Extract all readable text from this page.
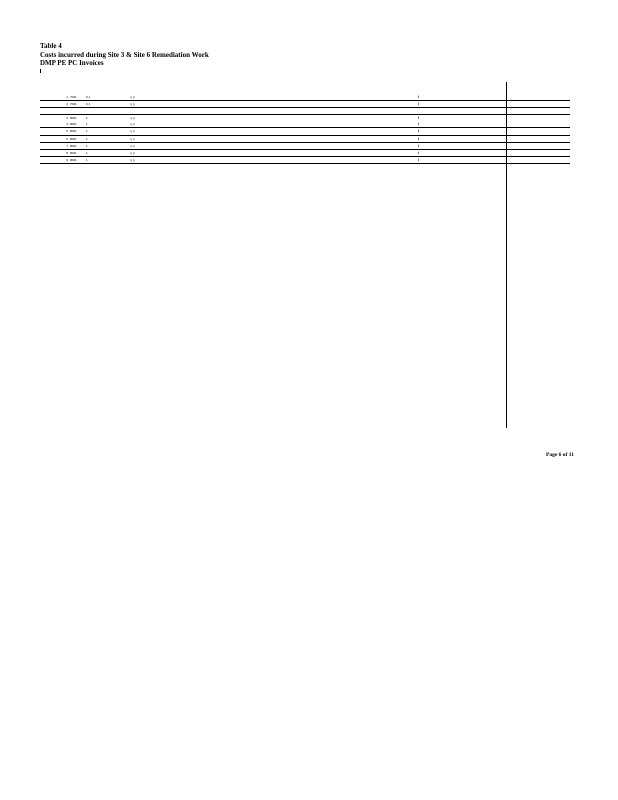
Table 4
Costs incurred during Site 3 & Site 6 Remediation Work
DMP PE PC Invoices
1 7001	0 1	i j p	i
2 7001	0 1	i j p	i
3 8001	1	i j p	i
4 8001	1	i j p	i
5 8001	1	i j p	i
6 8001	1	i j p	i
7 8001	1	i j p	i
8 8001	1	i j p	i
9 8001	1	i j p	i
Page 6 of 11
